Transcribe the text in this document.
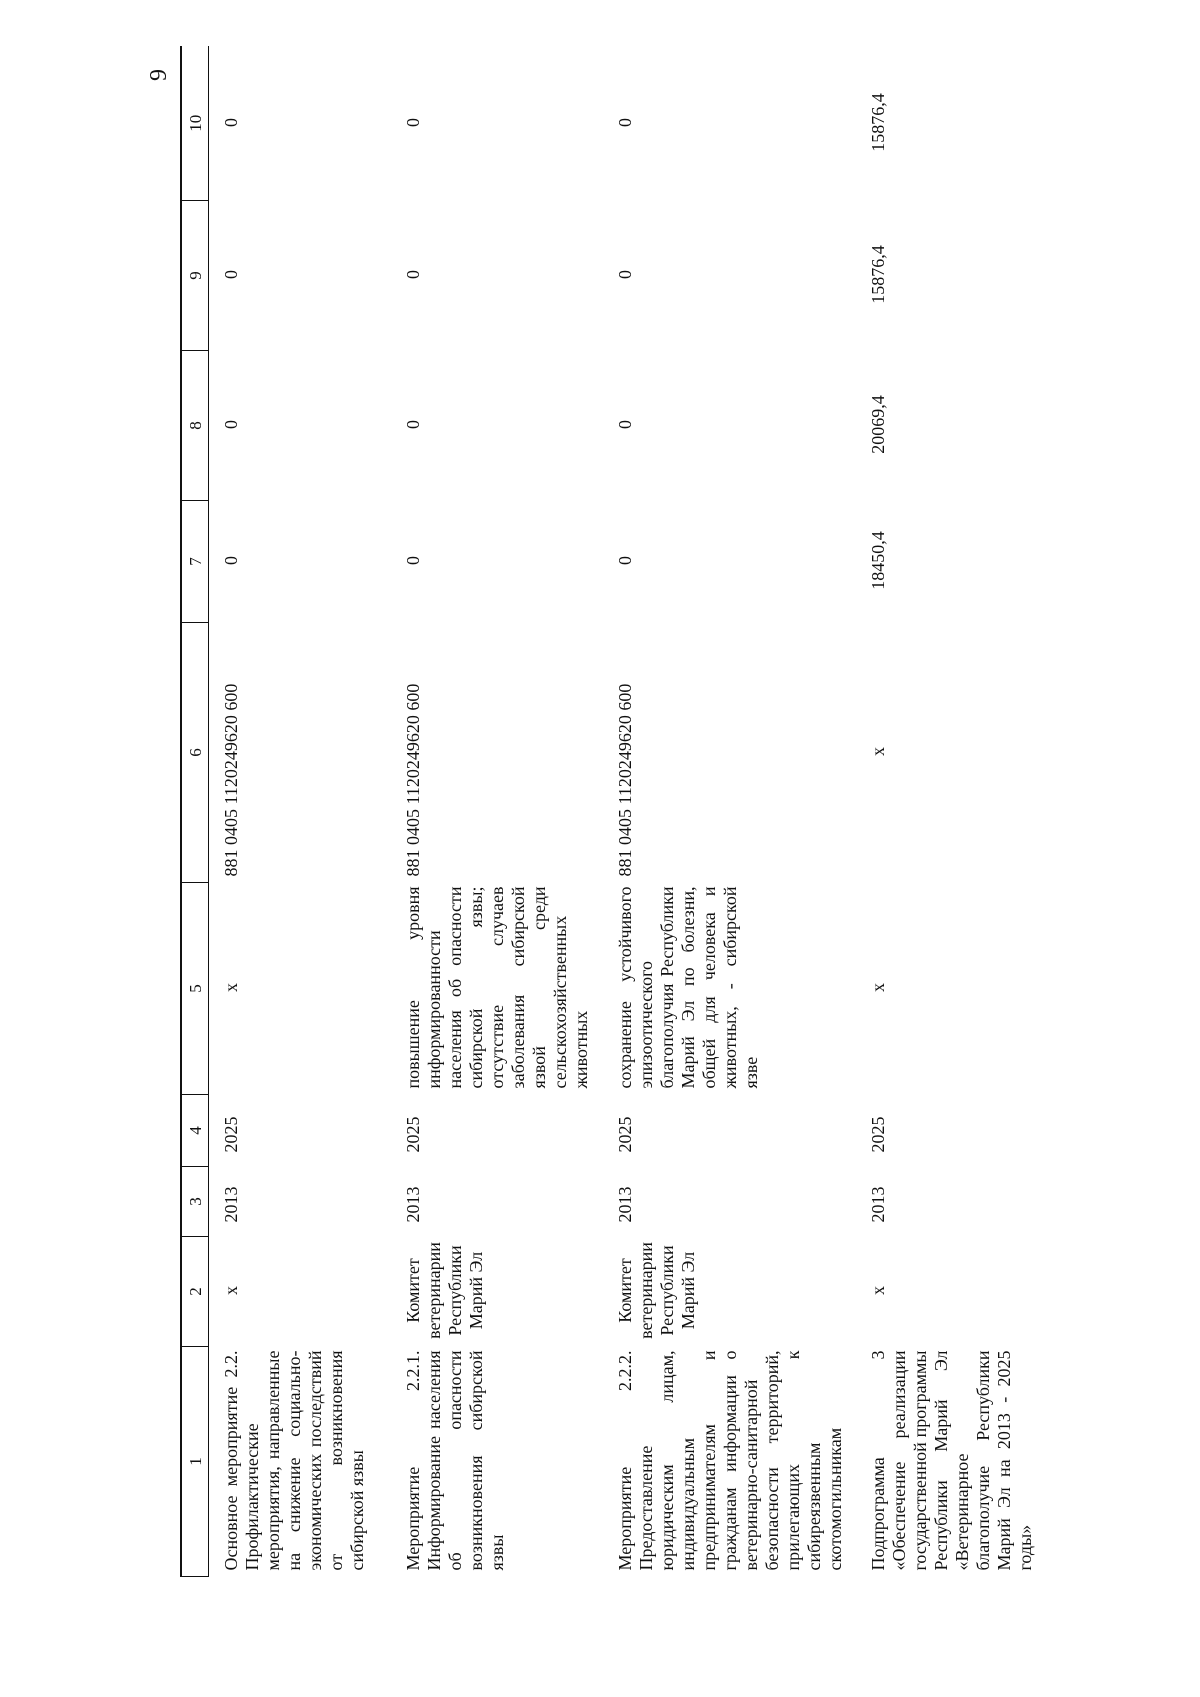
9
1	2	3	4	5	6	7	8	9	10
Основное мероприятие 2.2. Профилактические мероприятия, направленные на снижение социально-экономических последствий от возникновения сибирской язвы	х	2013	2025	х	881 0405 1120249620 600	0	0	0	0
Мероприятие 2.2.1. Информирование населения об опасности возникновения сибирской язвы	Комитет ветеринарии Республики Марий Эл	2013	2025	повышение уровня информированности населения об опасности сибирской язвы; отсутствие случаев заболевания сибирской язвой среди сельскохозяйственных животных	881 0405 1120249620 600	0	0	0	0
Мероприятие 2.2.2. Предоставление юридическим лицам, индивидуальным предпринимателям и гражданам информации о ветеринарно-санитарной безопасности территорий, прилегающих к сибиреязвенным скотомогильникам	Комитет ветеринарии Республики Марий Эл	2013	2025	сохранение устойчивого эпизоотического благополучия Республики Марий Эл по болезни, общей для человека и животных, - сибирской язве	881 0405 1120249620 600	0	0	0	0
Подпрограмма 3 «Обеспечение реализации государственной программы Республики Марий Эл «Ветеринарное благополучие Республики Марий Эл на 2013 - 2025 годы»	х	2013	2025	х	х	18450,4	20069,4	15876,4	15876,4
